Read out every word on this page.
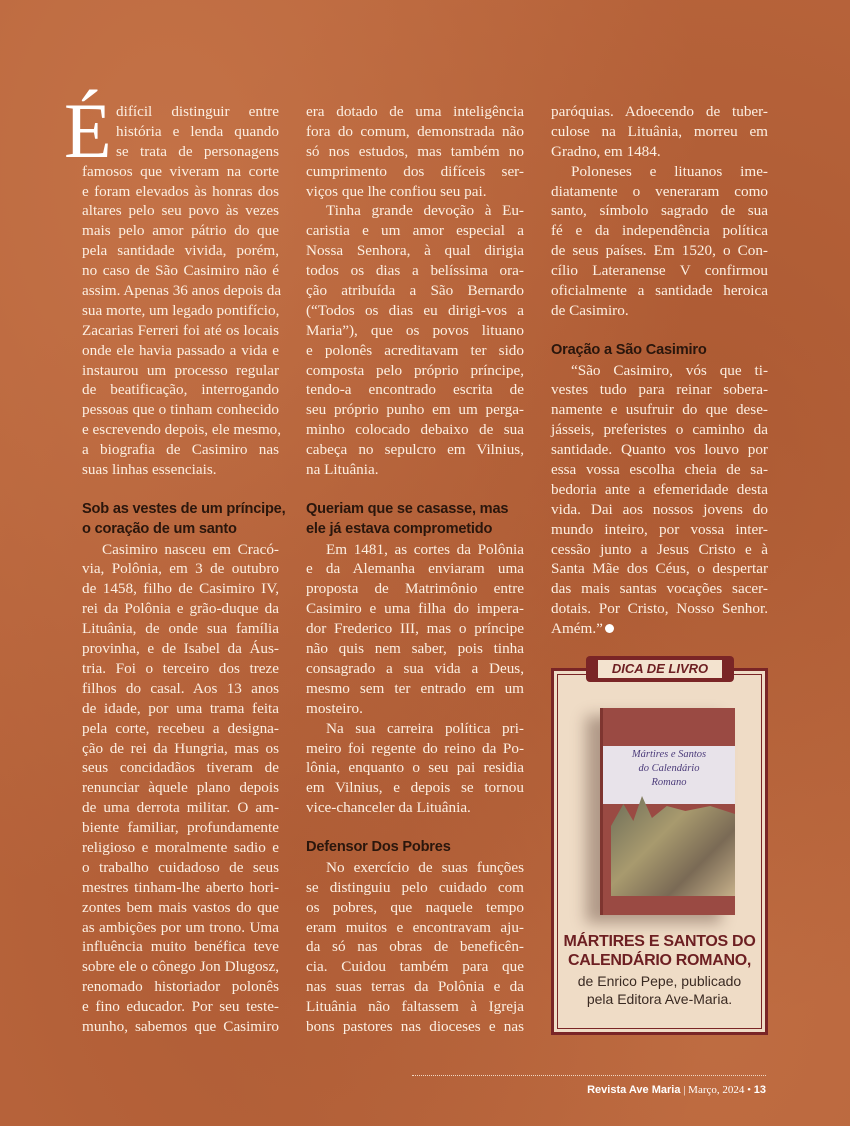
É difícil distinguir entre
história e lenda quando
se trata de personagens
famosos que viveram na corte
e foram elevados às honras dos
altares pelo seu povo às vezes
mais pelo amor pátrio do que
pela santidade vivida, porém,
no caso de São Casimiro não é
assim. Apenas 36 anos depois da
sua morte, um legado pontifício,
Zacarias Ferreri foi até os locais
onde ele havia passado a vida e
instaurou um processo regular
de beatificação, interrogando
pessoas que o tinham conhecido
e escrevendo depois, ele mesmo,
a biografia de Casimiro nas
suas linhas essenciais.
Sob as vestes de um príncipe,
o coração de um santo
Casimiro nasceu em Cracó-
via, Polônia, em 3 de outubro
de 1458, filho de Casimiro IV,
rei da Polônia e grão-duque da
Lituânia, de onde sua família
provinha, e de Isabel da Áus-
tria. Foi o terceiro dos treze
filhos do casal. Aos 13 anos
de idade, por uma trama feita
pela corte, recebeu a designa-
ção de rei da Hungria, mas os
seus concidadãos tiveram de
renunciar àquele plano depois
de uma derrota militar. O am-
biente familiar, profundamente
religioso e moralmente sadio e
o trabalho cuidadoso de seus
mestres tinham-lhe aberto hori-
zontes bem mais vastos do que
as ambições por um trono. Uma
influência muito benéfica teve
sobre ele o cônego Jon Dlugosz,
renomado historiador polonês
e fino educador. Por seu teste-
munho, sabemos que Casimiro
era dotado de uma inteligência
fora do comum, demonstrada não
só nos estudos, mas também no
cumprimento dos difíceis ser-
viços que lhe confiou seu pai.
Tinha grande devoção à Eu-
caristia e um amor especial a
Nossa Senhora, à qual dirigia
todos os dias a belíssima ora-
ção atribuída a São Bernardo
(“Todos os dias eu dirigi-vos a
Maria”), que os povos lituano
e polonês acreditavam ter sido
composta pelo próprio príncipe,
tendo-a encontrado escrita de
seu próprio punho em um perga-
minho colocado debaixo de sua
cabeça no sepulcro em Vilnius,
na Lituânia.
Queriam que se casasse, mas
ele já estava comprometido
Em 1481, as cortes da Polônia
e da Alemanha enviaram uma
proposta de Matrimônio entre
Casimiro e uma filha do impera-
dor Frederico III, mas o príncipe
não quis nem saber, pois tinha
consagrado a sua vida a Deus,
mesmo sem ter entrado em um
mosteiro.
Na sua carreira política pri-
meiro foi regente do reino da Po-
lônia, enquanto o seu pai residia
em Vilnius, e depois se tornou
vice-chanceler da Lituânia.
Defensor Dos Pobres
No exercício de suas funções
se distinguiu pelo cuidado com
os pobres, que naquele tempo
eram muitos e encontravam aju-
da só nas obras de beneficên-
cia. Cuidou também para que
nas suas terras da Polônia e da
Lituânia não faltassem à Igreja
bons pastores nas dioceses e nas
paróquias. Adoecendo de tuber-
culose na Lituânia, morreu em
Gradno, em 1484.
Poloneses e lituanos ime-
diatamente o veneraram como
santo, símbolo sagrado de sua
fé e da independência política
de seus países. Em 1520, o Con-
cílio Lateranense V confirmou
oficialmente a santidade heroica
de Casimiro.
Oração a São Casimiro
“São Casimiro, vós que ti-
vestes tudo para reinar sobera-
namente e usufruir do que dese-
jásseis, preferistes o caminho da
santidade. Quanto vos louvo por
essa vossa escolha cheia de sa-
bedoria ante a efemeridade desta
vida. Dai aos nossos jovens do
mundo inteiro, por vossa inter-
cessão junto a Jesus Cristo e à
Santa Mãe dos Céus, o despertar
das mais santas vocações sacer-
dotais. Por Cristo, Nosso Senhor.
Amém.”
DICA DE LIVRO
Mártires e Santos
do Calendário
Romano
MÁRTIRES E SANTOS DO
CALENDÁRIO ROMANO,
de Enrico Pepe, publicado
pela Editora Ave-Maria.
Revista Ave Maria | Março, 2024 • 13
